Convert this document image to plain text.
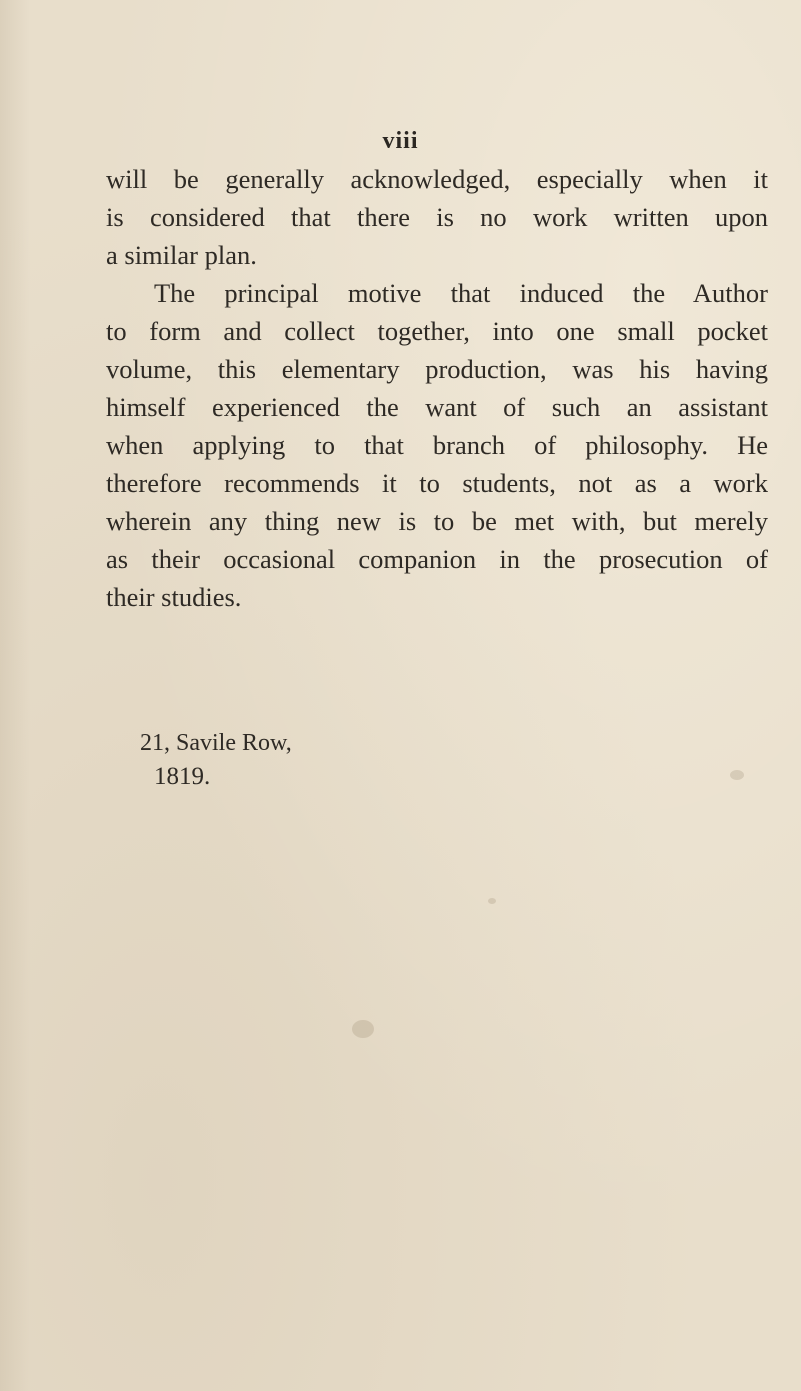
viii

will be generally acknowledged, especially when it
is considered that there is no work written upon
a similar plan.

The principal motive that induced the Author
to form and collect together, into one small pocket
volume, this elementary production, was his having
himself experienced the want of such an assistant
when applying to that branch of philosophy. He
therefore recommends it to students, not as a work
wherein any thing new is to be met with, but merely
as their occasional companion in the prosecution of
their studies.

21, Savile Row,
1819.
